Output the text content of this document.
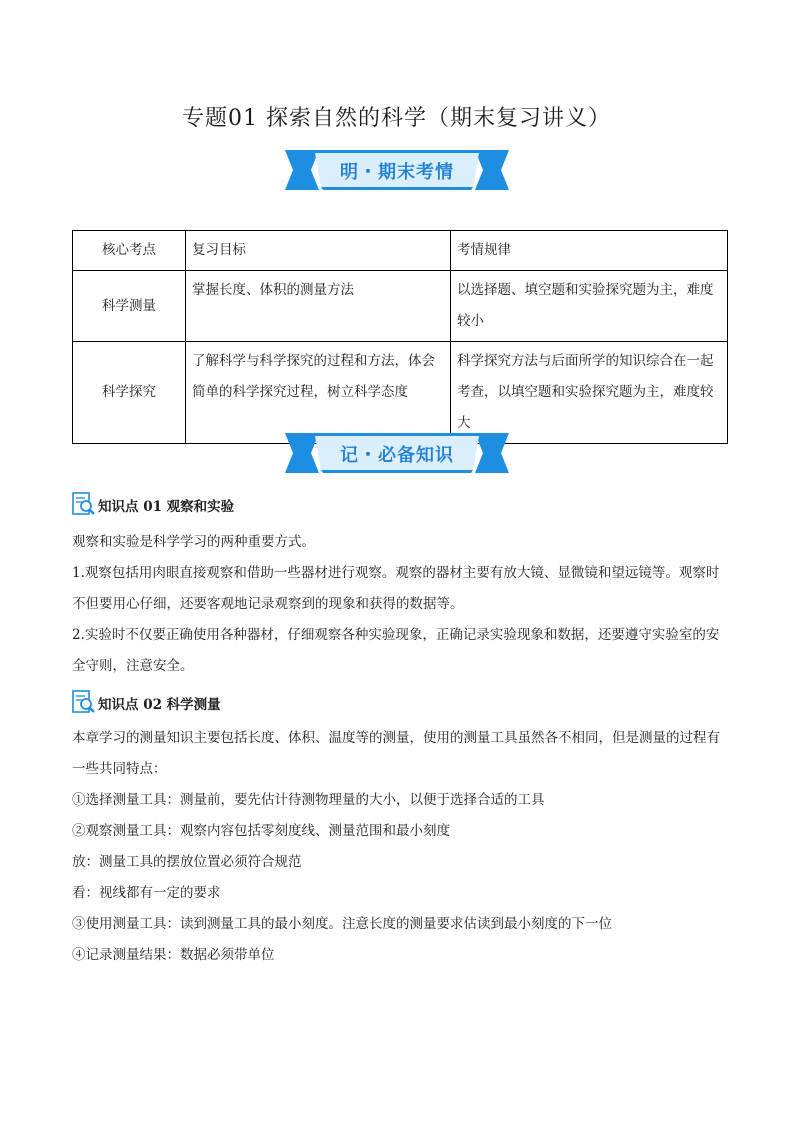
专题01 探索自然的科学（期末复习讲义）
明・期末考情
核心考点	复习目标	考情规律
科学测量	掌握长度、体积的测量方法	以选择题、填空题和实验探究题为主，难度较小
科学探究	了解科学与科学探究的过程和方法，体会简单的科学探究过程，树立科学态度	科学探究方法与后面所学的知识综合在一起考查，以填空题和实验探究题为主，难度较大
记・必备知识
知识点 01 观察和实验

观察和实验是科学学习的两种重要方式。

1.观察包括用肉眼直接观察和借助一些器材进行观察。观察的器材主要有放大镜、显微镜和望远镜等。观察时不但要用心仔细，还要客观地记录观察到的现象和获得的数据等。

2.实验时不仅要正确使用各种器材，仔细观察各种实验现象，正确记录实验现象和数据，还要遵守实验室的安全守则，注意安全。

知识点 02 科学测量

本章学习的测量知识主要包括长度、体积、温度等的测量，使用的测量工具虽然各不相同，但是测量的过程有一些共同特点：

①选择测量工具：测量前，要先估计待测物理量的大小，以便于选择合适的工具

②观察测量工具：观察内容包括零刻度线、测量范围和最小刻度

放：测量工具的摆放位置必须符合规范

看：视线都有一定的要求

③使用测量工具：读到测量工具的最小刻度。注意长度的测量要求估读到最小刻度的下一位

④记录测量结果：数据必须带单位
